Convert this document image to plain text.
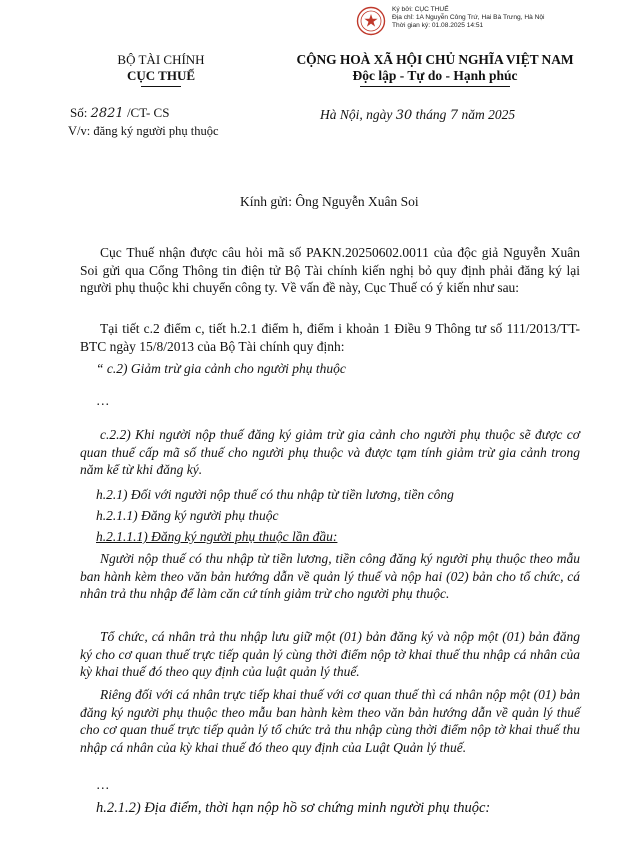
Ký bởi: CỤC THUẾ
Địa chỉ: 1A Nguyễn Công Trứ, Hai Bà Trưng, Hà Nội
Thời gian ký: 01.08.2025 14:51
BỘ TÀI CHÍNH
CỤC THUẾ
CỘNG HOÀ XÃ HỘI CHỦ NGHĨA VIỆT NAM
Độc lập - Tự do - Hạnh phúc
Số: 2821 /CT- CS
V/v: đăng ký người phụ thuộc
Hà Nội, ngày 30 tháng 7 năm 2025
Kính gửi: Ông Nguyễn Xuân Soi
Cục Thuế nhận được câu hỏi mã số PAKN.20250602.0011 của độc giả Nguyễn Xuân Soi gửi qua Cổng Thông tin điện tử Bộ Tài chính kiến nghị bỏ quy định phải đăng ký lại người phụ thuộc khi chuyển công ty. Về vấn đề này, Cục Thuế có ý kiến như sau:
Tại tiết c.2 điểm c, tiết h.2.1 điểm h, điểm i khoản 1 Điều 9 Thông tư số 111/2013/TT-BTC ngày 15/8/2013 của Bộ Tài chính quy định:
“ c.2) Giảm trừ gia cảnh cho người phụ thuộc
…
c.2.2) Khi người nộp thuế đăng ký giảm trừ gia cảnh cho người phụ thuộc sẽ được cơ quan thuế cấp mã số thuế cho người phụ thuộc và được tạm tính giảm trừ gia cảnh trong năm kể từ khi đăng ký.
h.2.1) Đối với người nộp thuế có thu nhập từ tiền lương, tiền công
h.2.1.1) Đăng ký người phụ thuộc
h.2.1.1.1) Đăng ký người phụ thuộc lần đầu:
Người nộp thuế có thu nhập từ tiền lương, tiền công đăng ký người phụ thuộc theo mẫu ban hành kèm theo văn bản hướng dẫn về quản lý thuế và nộp hai (02) bản cho tổ chức, cá nhân trả thu nhập để làm căn cứ tính giảm trừ cho người phụ thuộc.
Tổ chức, cá nhân trả thu nhập lưu giữ một (01) bản đăng ký và nộp một (01) bản đăng ký cho cơ quan thuế trực tiếp quản lý cùng thời điểm nộp tờ khai thuế thu nhập cá nhân của kỳ khai thuế đó theo quy định của luật quản lý thuế.
Riêng đối với cá nhân trực tiếp khai thuế với cơ quan thuế thì cá nhân nộp một (01) bản đăng ký người phụ thuộc theo mẫu ban hành kèm theo văn bản hướng dẫn về quản lý thuế cho cơ quan thuế trực tiếp quản lý tổ chức trả thu nhập cùng thời điểm nộp tờ khai thuế thu nhập cá nhân của kỳ khai thuế đó theo quy định của Luật Quản lý thuế.
…
h.2.1.2) Địa điểm, thời hạn nộp hồ sơ chứng minh người phụ thuộc:
